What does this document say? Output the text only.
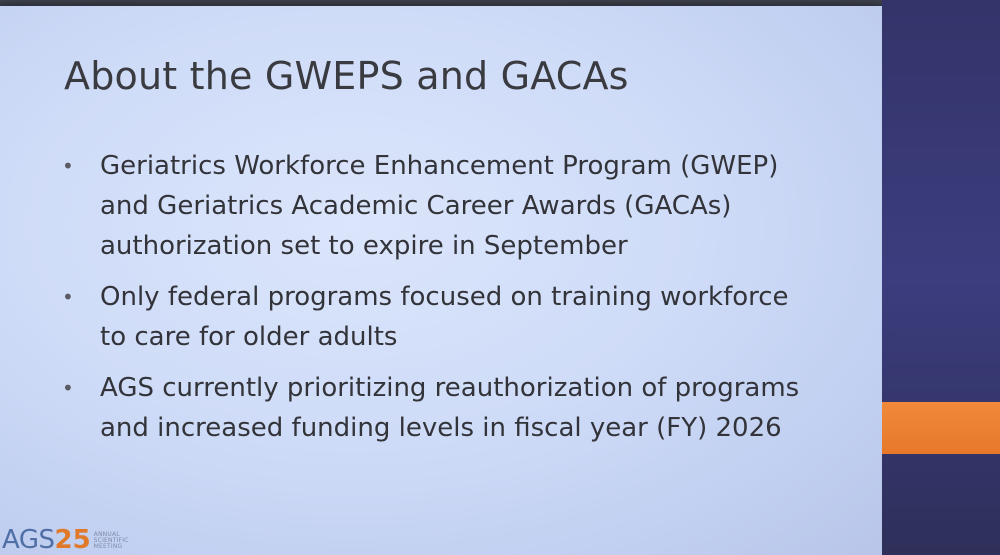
About the GWEPS and GACAs
• Geriatrics Workforce Enhancement Program (GWEP)
and Geriatrics Academic Career Awards (GACAs)
authorization set to expire in September
• Only federal programs focused on training workforce
to care for older adults
• AGS currently prioritizing reauthorization of programs
and increased funding levels in fiscal year (FY) 2026
AGS 25 ANNUAL
SCIENTIFIC
MEETING
